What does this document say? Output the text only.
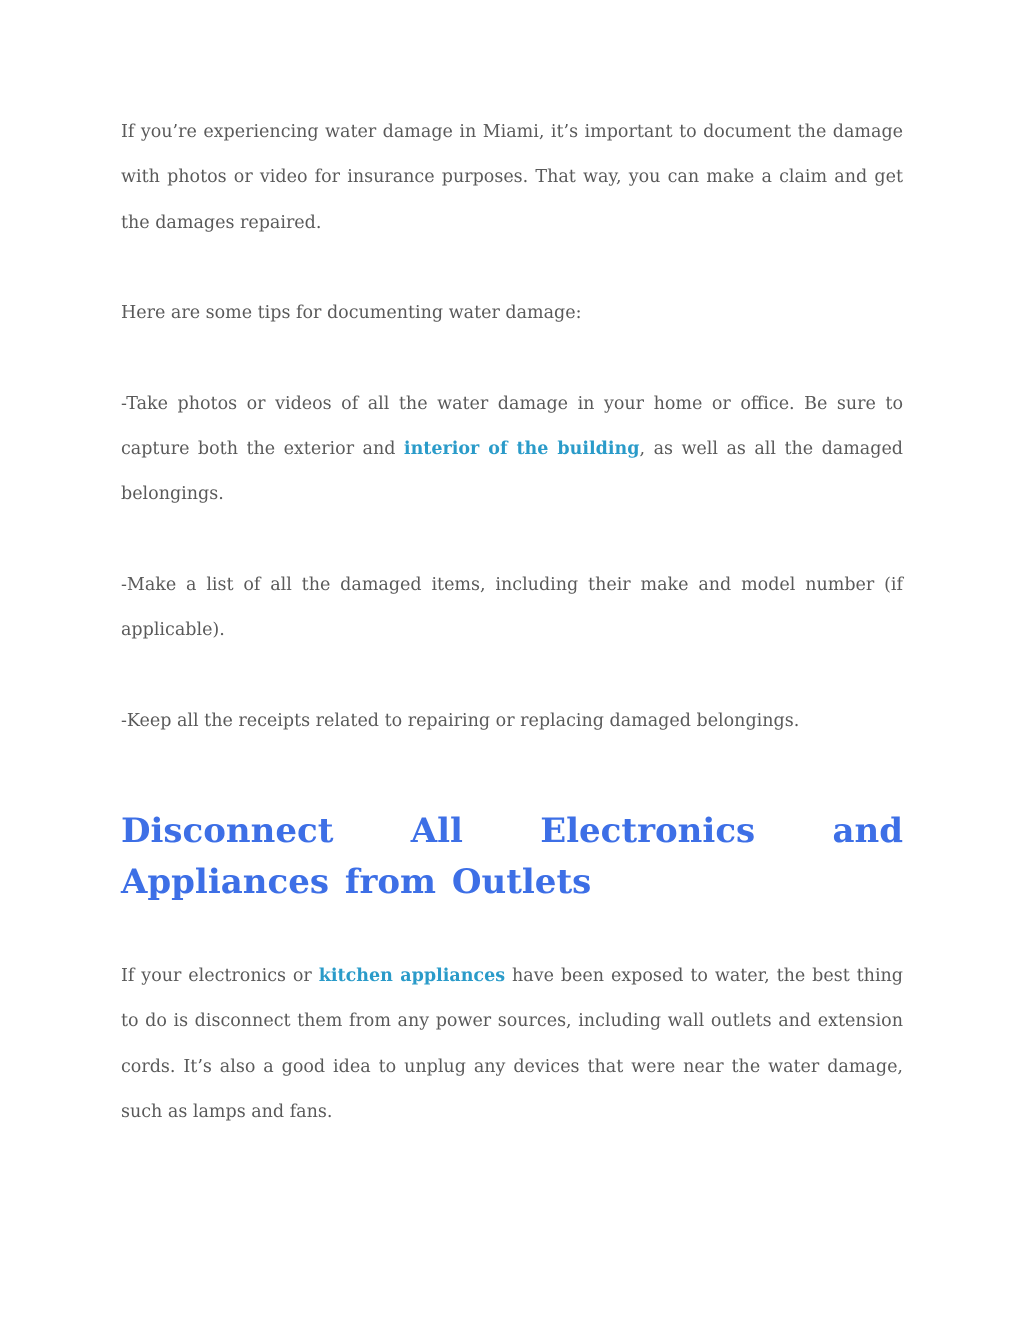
If you’re experiencing water damage in Miami, it’s important to document the damage with photos or video for insurance purposes. That way, you can make a claim and get the damages repaired.

Here are some tips for documenting water damage:

-Take photos or videos of all the water damage in your home or office. Be sure to capture both the exterior and interior of the building, as well as all the damaged belongings.

-Make a list of all the damaged items, including their make and model number (if applicable).

-Keep all the receipts related to repairing or replacing damaged belongings.

Disconnect All Electronics and Appliances from Outlets

If your electronics or kitchen appliances have been exposed to water, the best thing to do is disconnect them from any power sources, including wall outlets and extension cords. It’s also a good idea to unplug any devices that were near the water damage, such as lamps and fans.
